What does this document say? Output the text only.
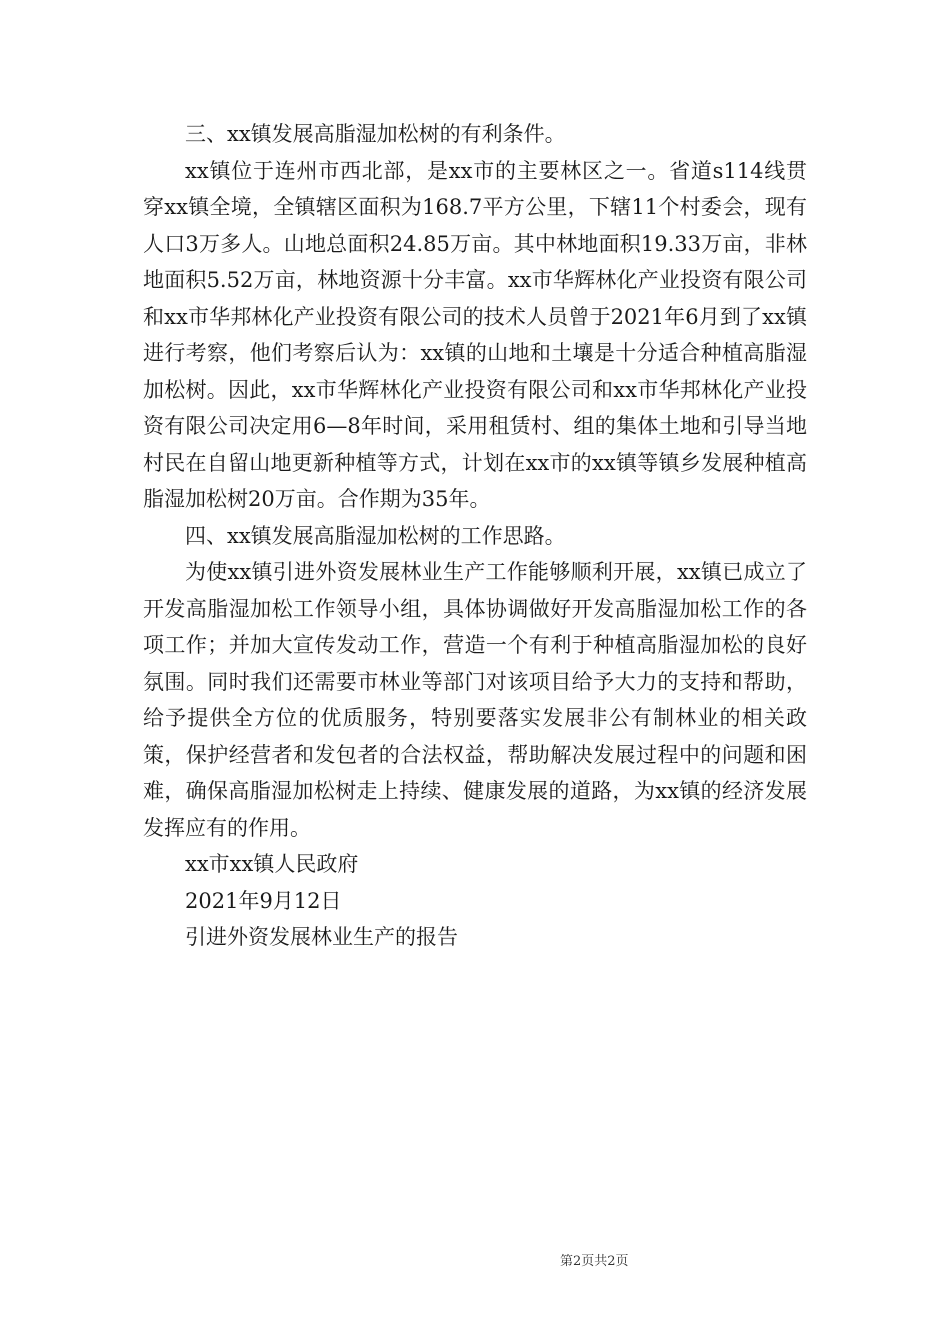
三、xx镇发展高脂湿加松树的有利条件。

xx镇位于连州市西北部，是xx市的主要林区之一。省道s114线贯穿xx镇全境，全镇辖区面积为168.7平方公里，下辖11个村委会，现有人口3万多人。山地总面积24.85万亩。其中林地面积19.33万亩，非林地面积5.52万亩，林地资源十分丰富。xx市华辉林化产业投资有限公司和xx市华邦林化产业投资有限公司的技术人员曾于2021年6月到了xx镇进行考察，他们考察后认为：xx镇的山地和土壤是十分适合种植高脂湿加松树。因此，xx市华辉林化产业投资有限公司和xx市华邦林化产业投资有限公司决定用6—8年时间，采用租赁村、组的集体土地和引导当地村民在自留山地更新种植等方式，计划在xx市的xx镇等镇乡发展种植高脂湿加松树20万亩。合作期为35年。

四、xx镇发展高脂湿加松树的工作思路。

为使xx镇引进外资发展林业生产工作能够顺利开展，xx镇已成立了开发高脂湿加松工作领导小组，具体协调做好开发高脂湿加松工作的各项工作；并加大宣传发动工作，营造一个有利于种植高脂湿加松的良好氛围。同时我们还需要市林业等部门对该项目给予大力的支持和帮助，给予提供全方位的优质服务，特别要落实发展非公有制林业的相关政策，保护经营者和发包者的合法权益，帮助解决发展过程中的问题和困难，确保高脂湿加松树走上持续、健康发展的道路，为xx镇的经济发展发挥应有的作用。

xx市xx镇人民政府

2021年9月12日

引进外资发展林业生产的报告

第2页共2页
